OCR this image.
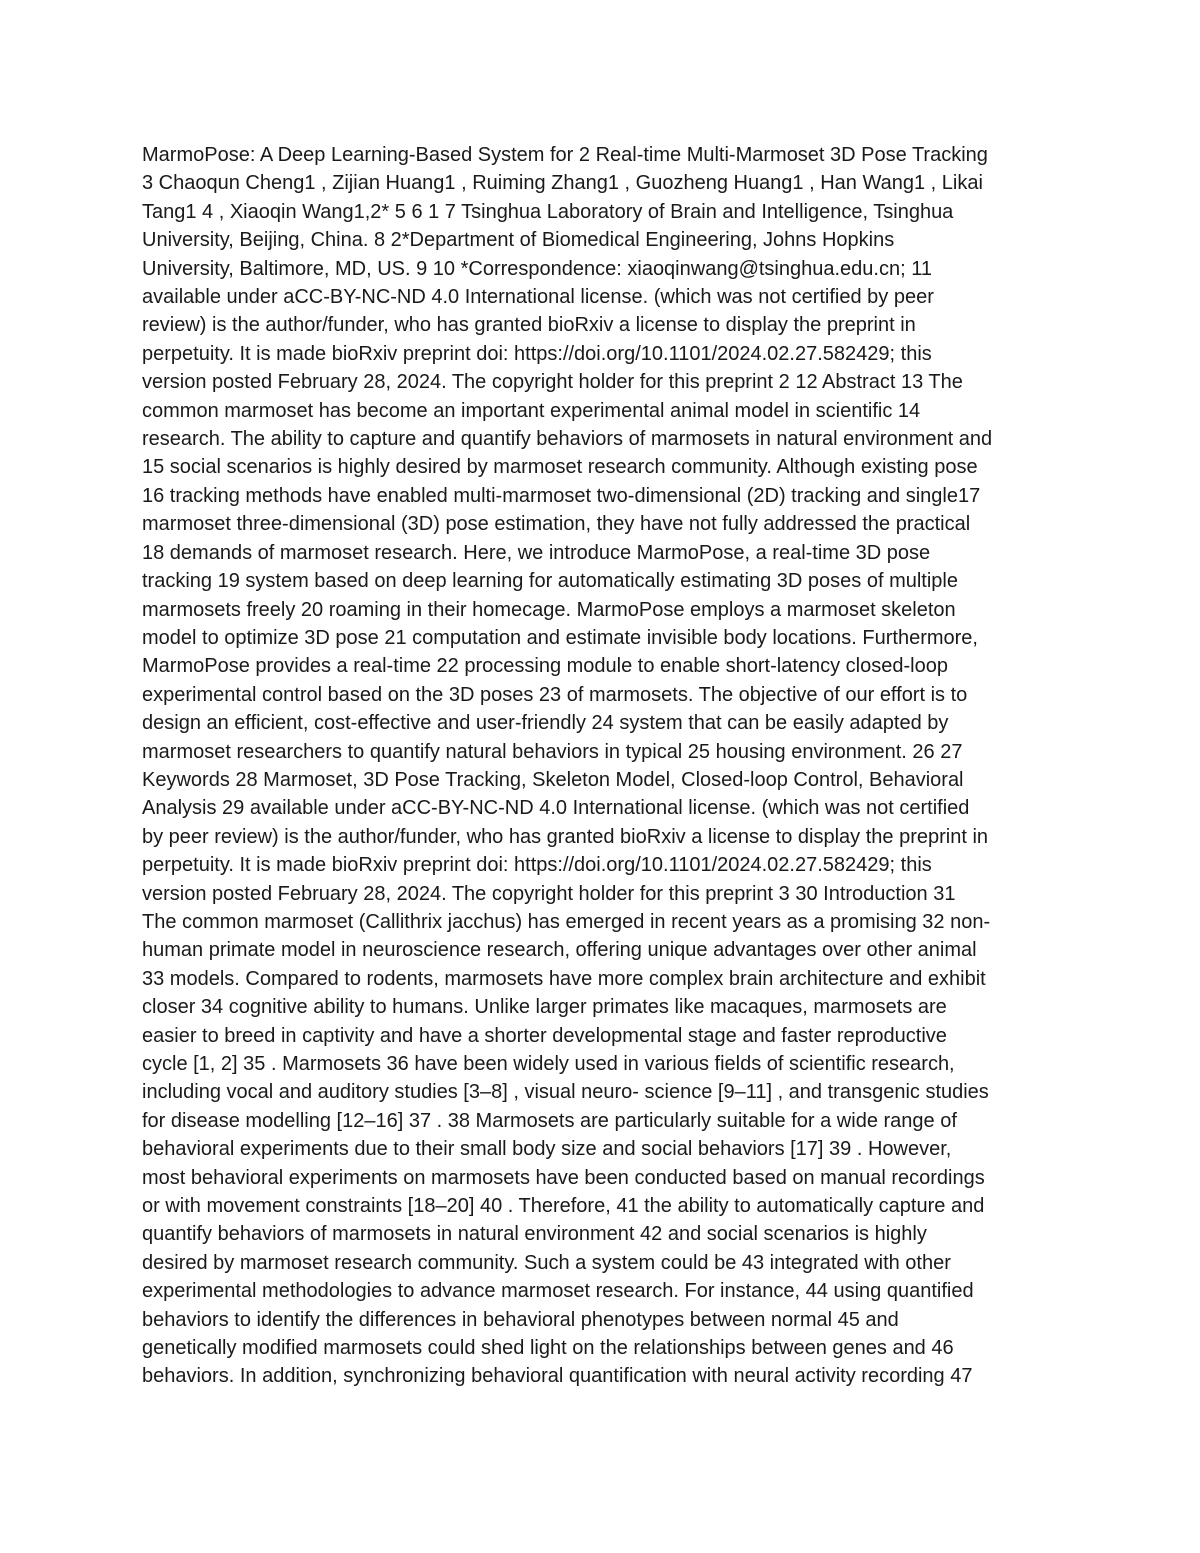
MarmoPose: A Deep Learning-Based System for 2 Real-time Multi-Marmoset 3D Pose Tracking
3 Chaoqun Cheng1 , Zijian Huang1 , Ruiming Zhang1 , Guozheng Huang1 , Han Wang1 , Likai
Tang1 4 , Xiaoqin Wang1,2* 5 6 1 7 Tsinghua Laboratory of Brain and Intelligence, Tsinghua
University, Beijing, China. 8 2*Department of Biomedical Engineering, Johns Hopkins
University, Baltimore, MD, US. 9 10 *Correspondence: xiaoqinwang@tsinghua.edu.cn; 11
available under aCC-BY-NC-ND 4.0 International license. (which was not certified by peer
review) is the author/funder, who has granted bioRxiv a license to display the preprint in
perpetuity. It is made bioRxiv preprint doi: https://doi.org/10.1101/2024.02.27.582429; this
version posted February 28, 2024. The copyright holder for this preprint 2 12 Abstract 13 The
common marmoset has become an important experimental animal model in scientific 14
research. The ability to capture and quantify behaviors of marmosets in natural environment and
15 social scenarios is highly desired by marmoset research community. Although existing pose
16 tracking methods have enabled multi-marmoset two-dimensional (2D) tracking and single17
marmoset three-dimensional (3D) pose estimation, they have not fully addressed the practical
18 demands of marmoset research. Here, we introduce MarmoPose, a real-time 3D pose
tracking 19 system based on deep learning for automatically estimating 3D poses of multiple
marmosets freely 20 roaming in their homecage. MarmoPose employs a marmoset skeleton
model to optimize 3D pose 21 computation and estimate invisible body locations. Furthermore,
MarmoPose provides a real-time 22 processing module to enable short-latency closed-loop
experimental control based on the 3D poses 23 of marmosets. The objective of our effort is to
design an efficient, cost-effective and user-friendly 24 system that can be easily adapted by
marmoset researchers to quantify natural behaviors in typical 25 housing environment. 26 27
Keywords 28 Marmoset, 3D Pose Tracking, Skeleton Model, Closed-loop Control, Behavioral
Analysis 29 available under aCC-BY-NC-ND 4.0 International license. (which was not certified
by peer review) is the author/funder, who has granted bioRxiv a license to display the preprint in
perpetuity. It is made bioRxiv preprint doi: https://doi.org/10.1101/2024.02.27.582429; this
version posted February 28, 2024. The copyright holder for this preprint 3 30 Introduction 31
The common marmoset (Callithrix jacchus) has emerged in recent years as a promising 32 non-
human primate model in neuroscience research, offering unique advantages over other animal
33 models. Compared to rodents, marmosets have more complex brain architecture and exhibit
closer 34 cognitive ability to humans. Unlike larger primates like macaques, marmosets are
easier to breed in captivity and have a shorter developmental stage and faster reproductive
cycle [1, 2] 35 . Marmosets 36 have been widely used in various fields of scientific research,
including vocal and auditory studies [3–8] , visual neuro- science [9–11] , and transgenic studies
for disease modelling [12–16] 37 . 38 Marmosets are particularly suitable for a wide range of
behavioral experiments due to their small body size and social behaviors [17] 39 . However,
most behavioral experiments on marmosets have been conducted based on manual recordings
or with movement constraints [18–20] 40 . Therefore, 41 the ability to automatically capture and
quantify behaviors of marmosets in natural environment 42 and social scenarios is highly
desired by marmoset research community. Such a system could be 43 integrated with other
experimental methodologies to advance marmoset research. For instance, 44 using quantified
behaviors to identify the differences in behavioral phenotypes between normal 45 and
genetically modified marmosets could shed light on the relationships between genes and 46
behaviors. In addition, synchronizing behavioral quantification with neural activity recording 47
